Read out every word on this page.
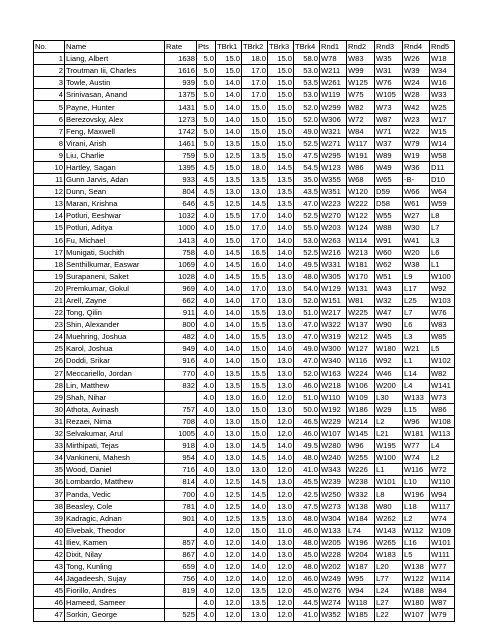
No.	Name	Rate	Pts	TBrk1	TBrk2	TBrk3	TBrk4	Rnd1	Rnd2	Rnd3	Rnd4	Rnd5
1	Liang, Albert	1638	5.0	15.0	18.0	15.0	58.0	W78	W83	W35	W26	W18
2	Troutman Iii, Charles	1616	5.0	15.0	17.0	15.0	53.0	W211	W99	W31	W39	W34
3	Towle, Austin	939	5.0	14.0	17.0	15.0	53.5	W261	W125	W76	W24	W16
4	Srinivasan, Anand	1375	5.0	14.0	17.0	15.0	53.0	W119	W75	W105	W28	W33
5	Payne, Hunter	1431	5.0	14.0	15.0	15.0	52.0	W299	W82	W73	W42	W25
6	Berezovsky, Alex	1273	5.0	14.0	15.0	15.0	52.0	W306	W72	W87	W23	W17
7	Feng, Maxwell	1742	5.0	14.0	15.0	15.0	49.0	W321	W84	W71	W22	W15
8	Virani, Arish	1461	5.0	13.5	15.0	15.0	52.5	W271	W117	W37	W79	W14
9	Liu, Charlie	759	5.0	12.5	13.5	15.0	47.5	W295	W191	W89	W19	W58
10	Hartley, Sagan	1395	4.5	15.0	18.0	14.5	54.5	W123	W86	W49	W36	D11
11	Gunn Jarvis, Adan	933	4.5	13.5	13.5	13.5	35.0	W355	W68	W65	-B-	D10
12	Dunn, Sean	804	4.5	13.0	13.0	13.5	43.5	W351	W120	D59	W66	W64
13	Maran, Krishna	646	4.5	12.5	14.5	13.5	47.0	W223	W222	D58	W61	W59
14	Potluri, Eeshwar	1032	4.0	15.5	17.0	14.0	52.5	W270	W122	W55	W27	L8
15	Potluri, Aditya	1000	4.0	15.0	17.0	14.0	55.0	W203	W124	W88	W30	L7
16	Fu, Michael	1413	4.0	15.0	17.0	14.0	53.0	W263	W114	W91	W41	L3
17	Munigati, Suchith	758	4.0	14.5	16.5	14.0	52.5	W216	W213	W60	W20	L6
18	Senthilkumar, Easwar	1069	4.0	14.5	16.0	14.0	49.5	W331	W181	W62	W38	L1
19	Surapaneni, Saket	1028	4.0	14.5	15.5	13.0	48.0	W305	W170	W51	L9	W100
20	Premkumar, Gokul	969	4.0	14.0	17.0	13.0	54.0	W129	W131	W43	L17	W92
21	Arell, Zayne	662	4.0	14.0	17.0	13.0	52.0	W151	W81	W32	L25	W103
22	Tong, Qilin	911	4.0	14.0	15.5	13.0	51.0	W217	W225	W47	L7	W76
23	Shin, Alexander	800	4.0	14.0	15.5	13.0	47.0	W322	W137	W90	L6	W83
24	Muehring, Joshua	482	4.0	14.0	15.5	13.0	47.0	W319	W212	W45	L3	W85
25	Karol, Joshua	949	4.0	14.0	15.0	14.0	49.0	W300	W127	W180	W21	L5
26	Doddi, Srikar	916	4.0	14.0	15.0	13.0	47.0	W340	W116	W92	L1	W102
27	Meccariello, Jordan	770	4.0	13.5	15.5	13.0	52.0	W163	W224	W46	L14	W82
28	Lin, Matthew	832	4.0	13.5	15.5	13.0	46.0	W218	W106	W200	L4	W141
29	Shah, Nihar		4.0	13.0	16.0	12.0	51.0	W110	W109	L30	W133	W73
30	Athota, Avinash	757	4.0	13.0	15.0	13.0	50.0	W192	W186	W29	L15	W86
31	Rezaei, Nima	708	4.0	13.0	15.0	12.0	46.5	W229	W214	L2	W96	W108
32	Selvakumar, Arul	1005	4.0	13.0	15.0	12.0	46.0	W107	W145	L21	W181	W113
33	Mirthipati, Tejas	918	4.0	13.0	14.5	14.0	49.5	W280	W96	W195	W77	L4
34	Vankineni, Mahesh	954	4.0	13.0	14.5	14.0	48.0	W240	W255	W100	W74	L2
35	Wood, Daniel	716	4.0	13.0	13.0	12.0	41.0	W343	W226	L1	W116	W72
36	Lombardo, Matthew	814	4.0	12.5	14.5	13.0	45.5	W239	W238	W101	L10	W110
37	Panda, Vedic	700	4.0	12.5	14.5	12.0	42.5	W250	W332	L8	W196	W94
38	Beasley, Cole	781	4.0	12.5	14.0	13.0	47.5	W273	W138	W80	L18	W117
39	Kadragic, Adnan	901	4.0	12.5	13.5	13.0	48.0	W304	W184	W262	L2	W74
40	Elvebak, Theodor		4.0	12.0	15.0	11.0	46.0	W133	L74	W143	W112	W109
41	Iliev, Kamen	857	4.0	12.0	14.0	13.0	48.0	W205	W196	W265	L16	W101
42	Dixit, Nilay	867	4.0	12.0	14.0	13.0	45.0	W228	W204	W183	L5	W111
43	Tong, Kunling	659	4.0	12.0	14.0	12.0	48.0	W202	W187	L20	W138	W77
44	Jagadeesh, Sujay	756	4.0	12.0	14.0	12.0	46.0	W249	W95	L77	W122	W114
45	Fiorillo, Andres	819	4.0	12.0	13.5	12.0	45.0	W276	W94	L24	W188	W84
46	Hameed, Sameer		4.0	12.0	13.5	12.0	44.5	W274	W118	L27	W180	W87
47	Sorkin, George	525	4.0	12.0	13.0	12.0	41.0	W352	W185	L22	W107	W79
